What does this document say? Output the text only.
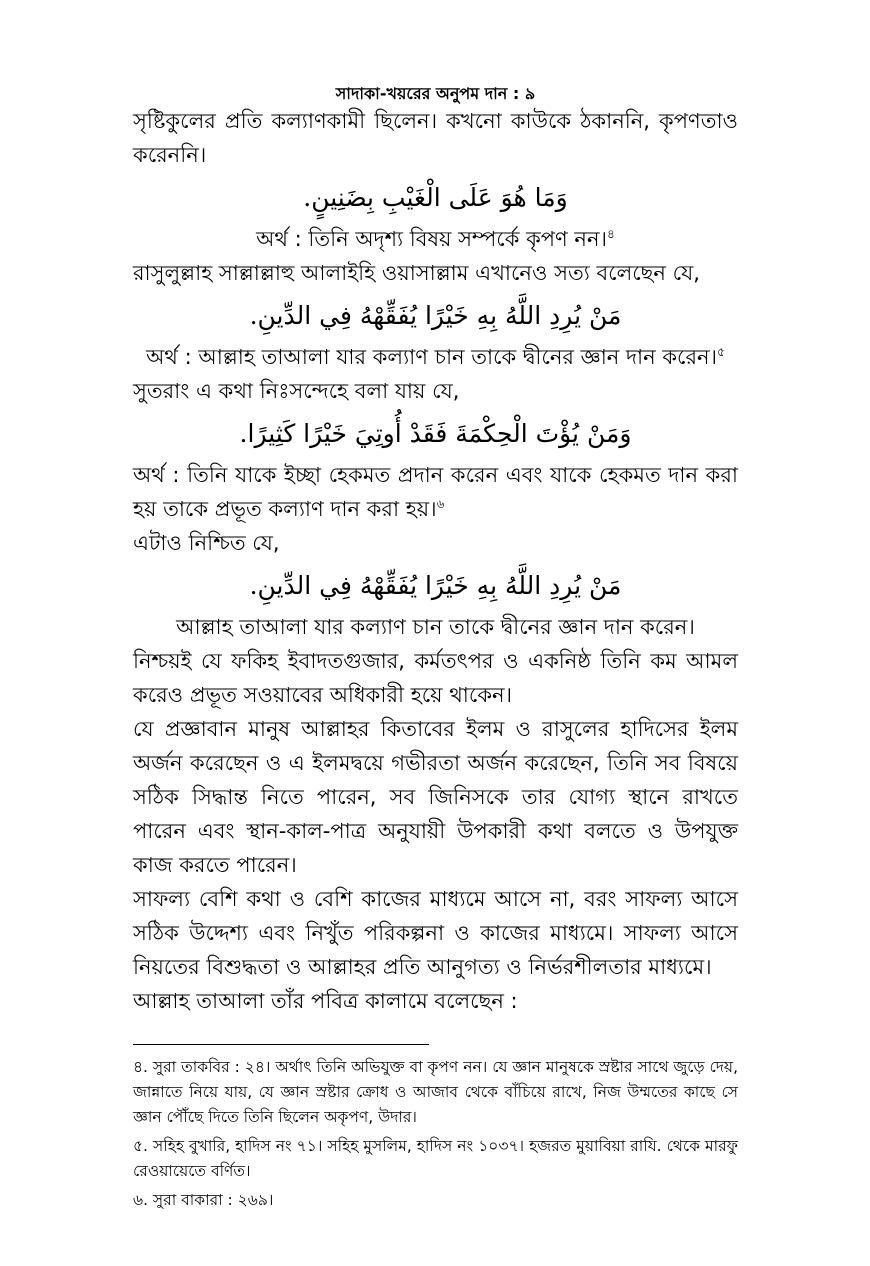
সাদাকা-খয়রের অনুপম দান : ৯

সৃষ্টিকুলের প্রতি কল্যাণকামী ছিলেন। কখনো কাউকে ঠকাননি, কৃপণতাও করেননি।

وَمَا هُوَ عَلَى الْغَيْبِ بِضَنِينٍ.

অর্থ : তিনি অদৃশ্য বিষয় সম্পর্কে কৃপণ নন।$^৪$

রাসুলুল্লাহ সাল্লাল্লাহু আলাইহি ওয়াসাল্লাম এখানেও সত্য বলেছেন যে,

مَنْ يُرِدِ اللَّهُ بِهِ خَيْرًا يُفَقِّهْهُ فِي الدِّينِ.

অর্থ : আল্লাহ তাআলা যার কল্যাণ চান তাকে দ্বীনের জ্ঞান দান করেন।$^৫$

সুতরাং এ কথা নিঃসন্দেহে বলা যায় যে,

وَمَنْ يُؤْتَ الْحِكْمَةَ فَقَدْ أُوتِيَ خَيْرًا كَثِيرًا.

অর্থ : তিনি যাকে ইচ্ছা হেকমত প্রদান করেন এবং যাকে হেকমত দান করা হয় তাকে প্রভূত কল্যাণ দান করা হয়।$^৬$

এটাও নিশ্চিত যে,

مَنْ يُرِدِ اللَّهُ بِهِ خَيْرًا يُفَقِّهْهُ فِي الدِّينِ.

আল্লাহ তাআলা যার কল্যাণ চান তাকে দ্বীনের জ্ঞান দান করেন।

নিশ্চয়ই যে ফকিহ ইবাদতগুজার, কর্মতৎপর ও একনিষ্ঠ তিনি কম আমল করেও প্রভূত সওয়াবের অধিকারী হয়ে থাকেন।

যে প্রজ্ঞাবান মানুষ আল্লাহর কিতাবের ইলম ও রাসুলের হাদিসের ইলম অর্জন করেছেন ও এ ইলমদ্বয়ে গভীরতা অর্জন করেছেন, তিনি সব বিষয়ে সঠিক সিদ্ধান্ত নিতে পারেন, সব জিনিসকে তার যোগ্য স্থানে রাখতে পারেন এবং স্থান-কাল-পাত্র অনুযায়ী উপকারী কথা বলতে ও উপযুক্ত কাজ করতে পারেন।

সাফল্য বেশি কথা ও বেশি কাজের মাধ্যমে আসে না, বরং সাফল্য আসে সঠিক উদ্দেশ্য এবং নিখুঁত পরিকল্পনা ও কাজের মাধ্যমে। সাফল্য আসে নিয়তের বিশুদ্ধতা ও আল্লাহর প্রতি আনুগত্য ও নির্ভরশীলতার মাধ্যমে।

আল্লাহ তাআলা তাঁর পবিত্র কালামে বলেছেন :

৪. সুরা তাকবির : ২৪। অর্থাৎ তিনি অভিযুক্ত বা কৃপণ নন। যে জ্ঞান মানুষকে স্রষ্টার সাথে জুড়ে দেয়, জান্নাতে নিয়ে যায়, যে জ্ঞান স্রষ্টার ক্রোধ ও আজাব থেকে বাঁচিয়ে রাখে, নিজ উম্মতের কাছে সে জ্ঞান পৌঁছে দিতে তিনি ছিলেন অকৃপণ, উদার।

৫. সহিহ বুখারি, হাদিস নং ৭১। সহিহ মুসলিম, হাদিস নং ১০৩৭। হজরত মুয়াবিয়া রাযি. থেকে মারফু রেওয়ায়েতে বর্ণিত।

৬. সুরা বাকারা : ২৬৯।
